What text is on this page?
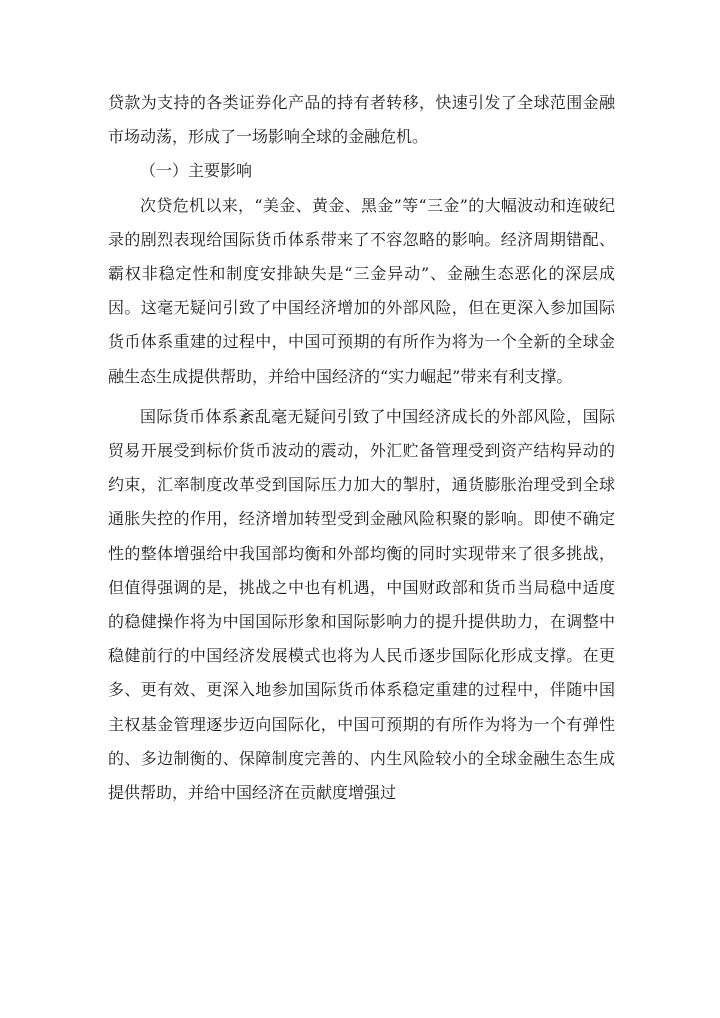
贷款为支持的各类证券化产品的持有者转移，快速引发了全球范围金融市场动荡，形成了一场影响全球的金融危机。

（一）主要影响

次贷危机以来，“美金、黄金、黑金”等“三金”的大幅波动和连破纪录的剧烈表现给国际货币体系带来了不容忽略的影响。经济周期错配、霸权非稳定性和制度安排缺失是“三金异动”、金融生态恶化的深层成因。这毫无疑问引致了中国经济增加的外部风险，但在更深入参加国际货币体系重建的过程中，中国可预期的有所作为将为一个全新的全球金融生态生成提供帮助，并给中国经济的“实力崛起”带来有利支撑。

国际货币体系紊乱毫无疑问引致了中国经济成长的外部风险，国际贸易开展受到标价货币波动的震动，外汇贮备管理受到资产结构异动的约束，汇率制度改革受到国际压力加大的掣肘，通货膨胀治理受到全球通胀失控的作用，经济增加转型受到金融风险积聚的影响。即使不确定性的整体增强给中我国部均衡和外部均衡的同时实现带来了很多挑战，但值得强调的是，挑战之中也有机遇，中国财政部和货币当局稳中适度的稳健操作将为中国国际形象和国际影响力的提升提供助力，在调整中稳健前行的中国经济发展模式也将为人民币逐步国际化形成支撑。在更多、更有效、更深入地参加国际货币体系稳定重建的过程中，伴随中国主权基金管理逐步迈向国际化，中国可预期的有所作为将为一个有弹性的、多边制衡的、保障制度完善的、内生风险较小的全球金融生态生成提供帮助，并给中国经济在贡献度增强过
